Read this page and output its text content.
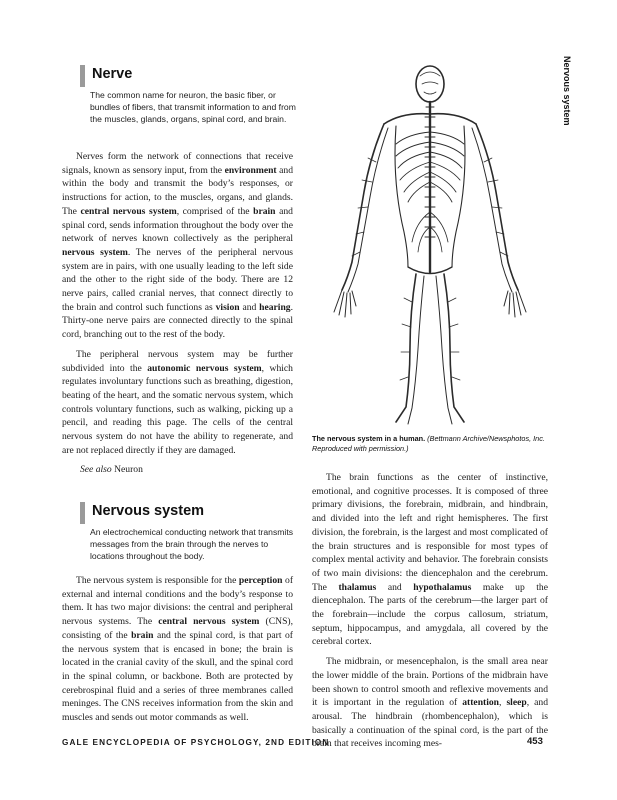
Nervous system
Nerve

The common name for neuron, the basic fiber, or bundles of fibers, that transmit information to and from the muscles, glands, organs, spinal cord, and brain.

Nerves form the network of connections that receive signals, known as sensory input, from the environment and within the body and transmit the body’s responses, or instructions for action, to the muscles, organs, and glands. The central nervous system, comprised of the brain and spinal cord, sends information throughout the body over the network of nerves known collectively as the peripheral nervous system. The nerves of the peripheral nervous system are in pairs, with one usually leading to the left side and the other to the right side of the body. There are 12 nerve pairs, called cranial nerves, that connect directly to the brain and control such functions as vision and hearing. Thirty-one nerve pairs are connected directly to the spinal cord, branching out to the rest of the body.

The peripheral nervous system may be further subdivided into the autonomic nervous system, which regulates involuntary functions such as breathing, digestion, beating of the heart, and the somatic nervous system, which controls voluntary functions, such as walking, picking up a pencil, and reading this page. The cells of the central nervous system do not have the ability to regenerate, and are not replaced directly if they are damaged.

See also Neuron

The nervous system in a human. (Bettmann Archive/Newsphotos, Inc. Reproduced with permission.)
Nervous system

An electrochemical conducting network that transmits messages from the brain through the nerves to locations throughout the body.

The nervous system is responsible for the perception of external and internal conditions and the body’s response to them. It has two major divisions: the central and peripheral nervous systems. The central nervous system (CNS), consisting of the brain and the spinal cord, is that part of the nervous system that is encased in bone; the brain is located in the cranial cavity of the skull, and the spinal cord in the spinal column, or backbone. Both are protected by cerebrospinal fluid and a series of three membranes called meninges. The CNS receives information from the skin and muscles and sends out motor commands as well.

The brain functions as the center of instinctive, emotional, and cognitive processes. It is composed of three primary divisions, the forebrain, midbrain, and hindbrain, and divided into the left and right hemispheres. The first division, the forebrain, is the largest and most complicated of the brain structures and is responsible for most types of complex mental activity and behavior. The forebrain consists of two main divisions: the diencephalon and the cerebrum. The thalamus and hypothalamus make up the diencephalon. The parts of the cerebrum—the larger part of the forebrain—include the corpus callosum, striatum, septum, hippocampus, and amygdala, all covered by the cerebral cortex.

The midbrain, or mesencephalon, is the small area near the lower middle of the brain. Portions of the midbrain have been shown to control smooth and reflexive movements and it is important in the regulation of attention, sleep, and arousal. The hindbrain (rhombencephalon), which is basically a continuation of the spinal cord, is the part of the brain that receives incoming mes-

GALE ENCYCLOPEDIA OF PSYCHOLOGY, 2ND EDITION	453
